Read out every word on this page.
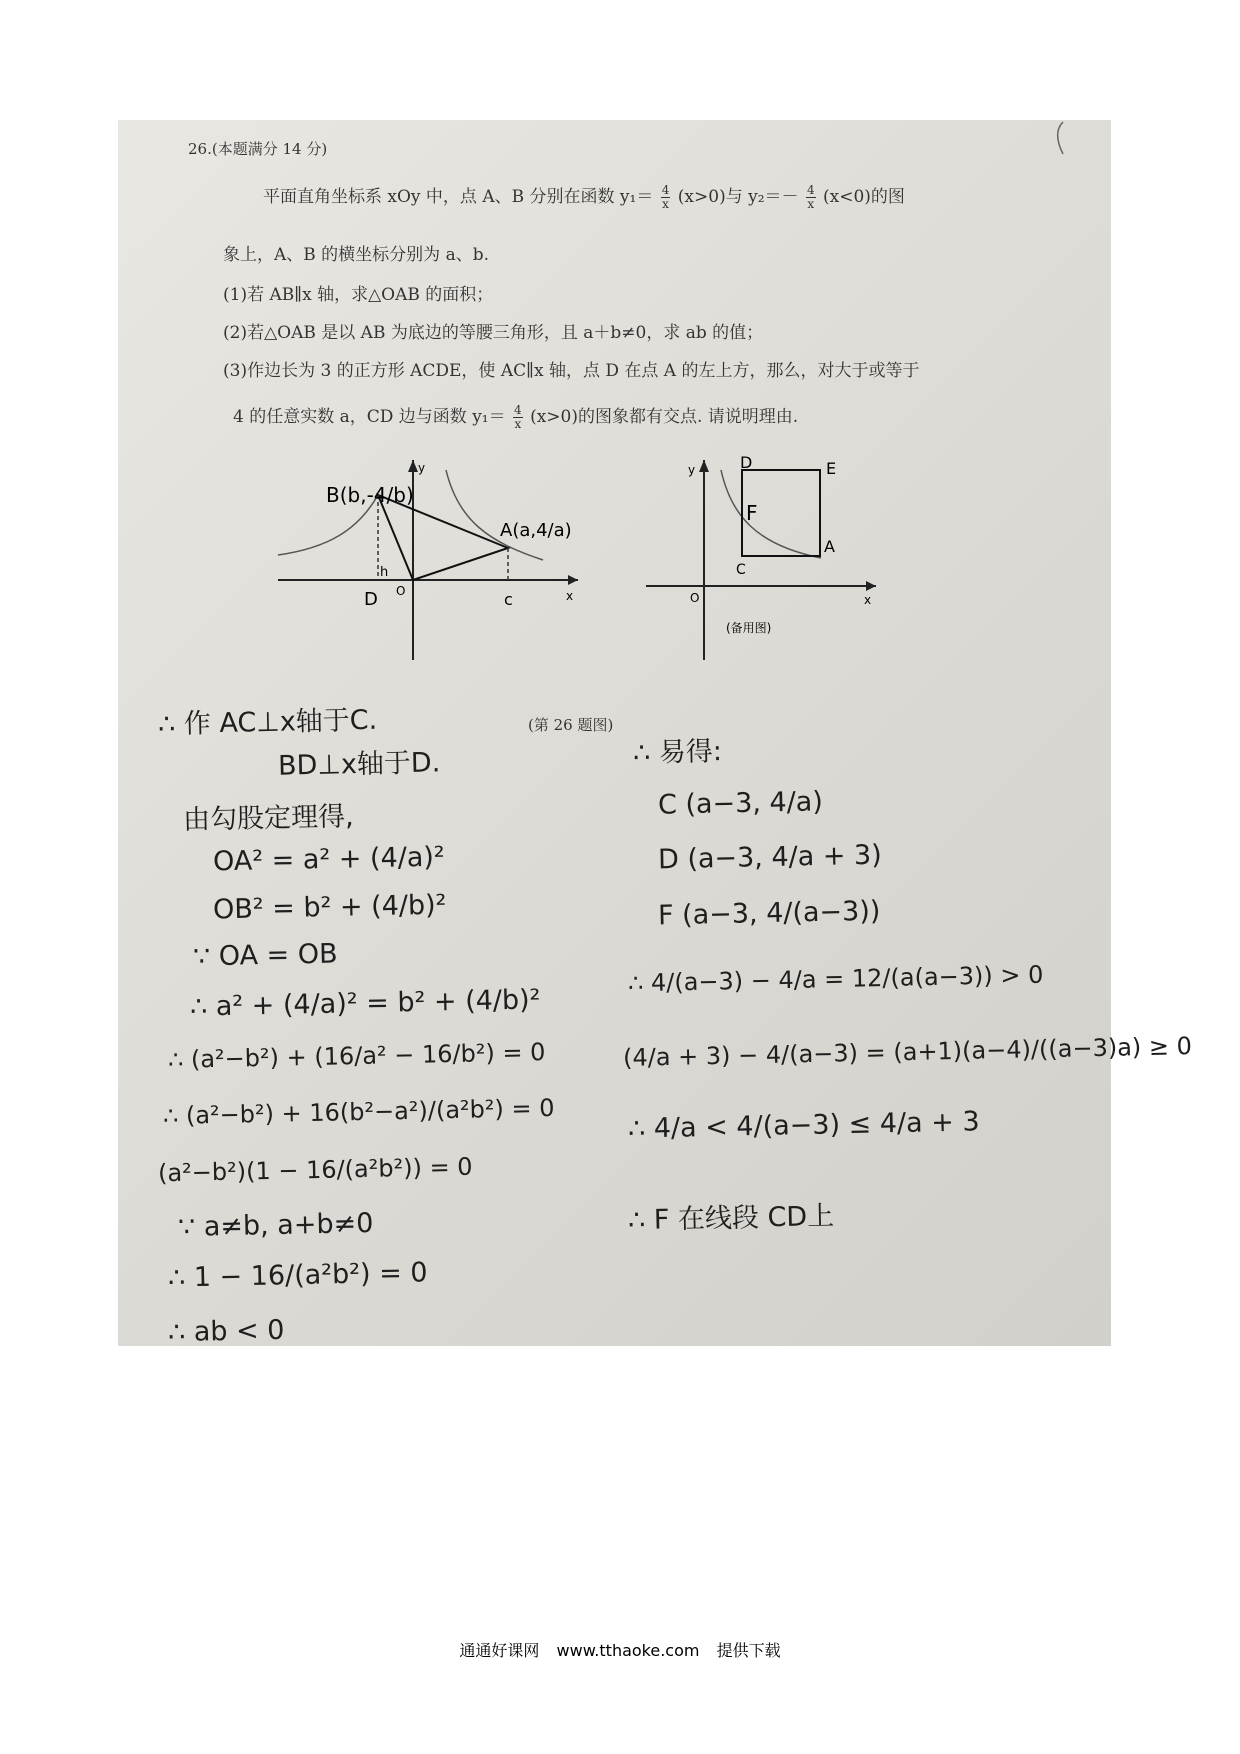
26.(本题满分 14 分)
平面直角坐标系 xOy 中，点 A、B 分别在函数 $y_1= \frac{4}{x} (x>0)$与 $y_2=- \frac{4}{x} (x<0)$的图
象上，A、B 的横坐标分别为 a、b.
(1)若 AB∥x 轴，求△OAB 的面积；
(2)若△OAB 是以 AB 为底边的等腰三角形，且 a＋b≠0，求 ab 的值；
(3)作边长为 3 的正方形 ACDE，使 AC∥x 轴，点 D 在点 A 的左上方，那么，对大于或等于
4 的任意实数 a，CD 边与函数 $y_1= \frac{4}{x} (x>0)$的图象都有交点. 请说明理由.
y
x
O
B(b,-4/b)
A(a,4/a)
D	c
h
y
x
O
D	E
F
C
A
(备用图)
(第 26 题图)
∴ 作 AC⊥x轴于C.
BD⊥x轴于D.
由勾股定理得,
OA² = a² + (4/a)²
OB² = b² + (4/b)²
∵ OA = OB
∴ a² + (4/a)² = b² + (4/b)²
∴ (a²−b²) + (16/a² − 16/b²) = 0
∴ (a²−b²) + 16(b²−a²)/(a²b²) = 0
(a²−b²)(1 − 16/(a²b²)) = 0
∵ a≠b, a+b≠0
∴ 1 − 16/(a²b²) = 0
∴ ab < 0
∴ 易得:
C (a−3, 4/a)
D (a−3, 4/a + 3)
F (a−3, 4/(a−3))
∴ 4/(a−3) − 4/a = 12/(a(a−3)) > 0
(4/a + 3) − 4/(a−3) = (a+1)(a−4)/((a−3)a) ≥ 0
∴ 4/a < 4/(a−3) ≤ 4/a + 3
∴ F 在线段 CD上
通通好课网 www.tthaoke.com 提供下载
